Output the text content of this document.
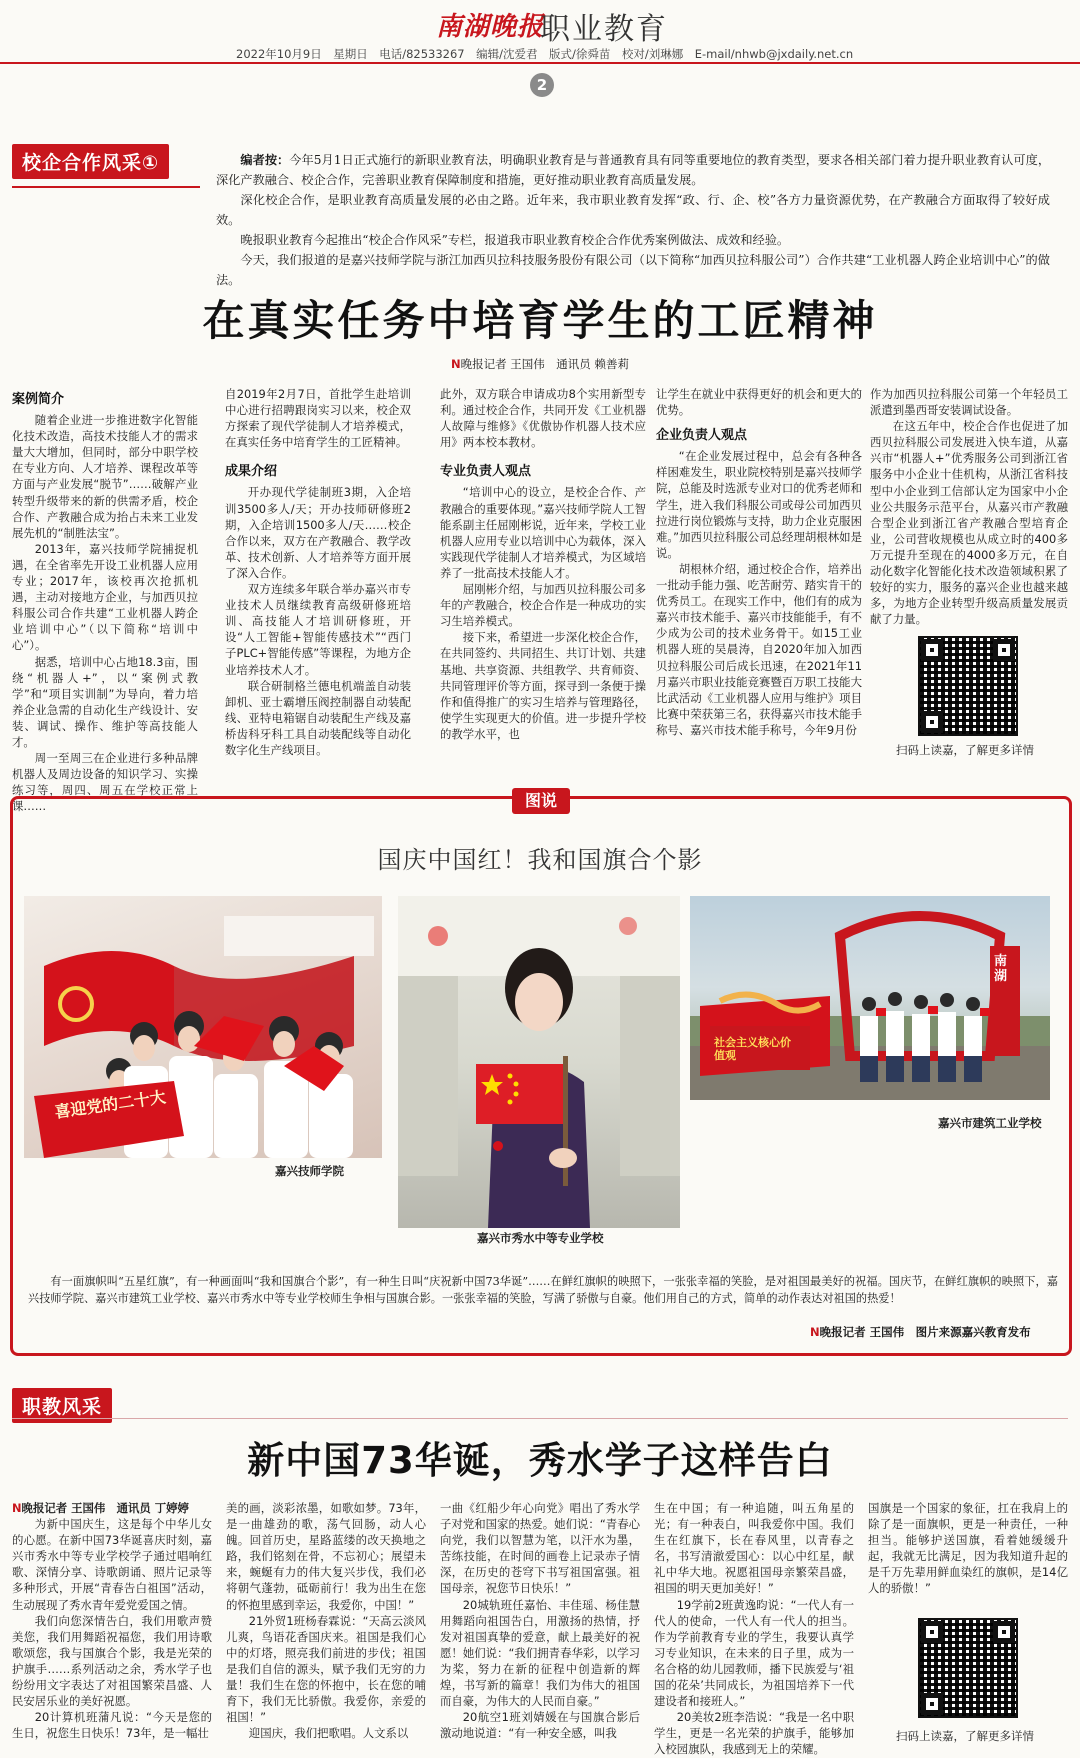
南湖晚报
职业教育
2022年10月9日　星期日　电话/82533267　编辑/沈爱君　版式/徐舜苗　校对/刘琳娜　E-mail/nhwb@jxdaily.net.cn
2
校企合作风采①	编者按：今年5月1日正式施行的新职业教育法，明确职业教育是与普通教育具有同等重要地位的教育类型，要求各相关部门着力提升职业教育认可度，深化产教融合、校企合作，完善职业教育保障制度和措施，更好推动职业教育高质量发展。

深化校企合作，是职业教育高质量发展的必由之路。近年来，我市职业教育发挥“政、行、企、校”各方力量资源优势，在产教融合方面取得了较好成效。

晚报职业教育今起推出“校企合作风采”专栏，报道我市职业教育校企合作优秀案例做法、成效和经验。

今天，我们报道的是嘉兴技师学院与浙江加西贝拉科技服务股份有限公司（以下简称“加西贝拉科服公司”）合作共建“工业机器人跨企业培训中心”的做法。

在真实任务中培育学生的工匠精神
N晚报记者 王国伟　通讯员 赖善莉
案例简介

随着企业进一步推进数字化智能化技术改造，高技术技能人才的需求量大大增加，但同时，部分中职学校在专业方向、人才培养、课程改革等方面与产业发展“脱节”……破解产业转型升级带来的新的供需矛盾，校企合作、产教融合成为抬占未来工业发展先机的“制胜法宝”。

2013年，嘉兴技师学院捕捉机遇，在全省率先开设工业机器人应用专业；2017年，该校再次抢抓机遇，主动对接地方企业，与加西贝拉科服公司合作共建“工业机器人跨企业培训中心”（以下简称“培训中心”）。

据悉，培训中心占地18.3亩，围绕“机器人+”，以“案例式教学”和“项目实训制”为导向，着力培养企业急需的自动化生产线设计、安装、调试、操作、维护等高技能人才。

周一至周三在企业进行多种品牌机器人及周边设备的知识学习、实操练习等，周四、周五在学校正常上课……

自2019年2月7日，首批学生赴培训中心进行招聘跟岗实习以来，校企双方探索了现代学徒制人才培养模式，在真实任务中培育学生的工匠精神。

成果介绍

开办现代学徒制班3期，入企培训3500多人/天；开办技师研修班2期，入企培训1500多人/天……校企合作以来，双方在产教融合、教学改革、技术创新、人才培养等方面开展了深入合作。

双方连续多年联合举办嘉兴市专业技术人员继续教育高级研修班培训、高技能人才培训研修班，开设“人工智能+智能传感技术”“西门子PLC+智能传感”等课程，为地方企业培养技术人才。

联合研制格兰德电机端盖自动装卸机、亚士霸增压阀控制器自动装配线、亚特电箱锯自动装配生产线及嘉桥齿科牙科工具自动装配线等自动化数字化生产线项目。

此外，双方联合申请成功8个实用新型专利。通过校企合作，共同开发《工业机器人故障与维修》《优傲协作机器人技术应用》两本校本教材。

专业负责人观点

“培训中心的设立，是校企合作、产教融合的重要体现。”嘉兴技师学院人工智能系副主任屈刚彬说，近年来，学校工业机器人应用专业以培训中心为载体，深入实践现代学徒制人才培养模式，为区域培养了一批高技术技能人才。

屈刚彬介绍，与加西贝拉科服公司多年的产教融合，校企合作是一种成功的实习生培养模式。

接下来，希望进一步深化校企合作，在共同签约、共同招生、共订计划、共建基地、共享资源、共组教学、共育师资、共同管理评价等方面，探寻到一条便于操作和值得推广的实习生培养与管理路径，使学生实现更大的价值。进一步提升学校的教学水平，也

让学生在就业中获得更好的机会和更大的优势。

企业负责人观点

“在企业发展过程中，总会有各种各样困难发生，职业院校特别是嘉兴技师学院，总能及时选派专业对口的优秀老师和学生，进入我们科服公司或母公司加西贝拉进行岗位锻炼与支持，助力企业克服困难。”加西贝拉科服公司总经理胡根林如是说。

胡根林介绍，通过校企合作，培养出一批动手能力强、吃苦耐劳、踏实肯干的优秀员工。在现实工作中，他们有的成为嘉兴市技术能手、嘉兴市技能能手，有不少成为公司的技术业务骨干。如15工业机器人班的吴晨涛，自2020年加入加西贝拉科服公司后成长迅速，在2021年11月嘉兴市职业技能竞赛暨百万职工技能大比武活动《工业机器人应用与维护》项目比赛中荣获第三名，获得嘉兴市技术能手称号、嘉兴市技术能手称号，今年9月份

作为加西贝拉科服公司第一个年轻员工派遣到墨西哥安装调试设备。

在这五年中，校企合作也促进了加西贝拉科服公司发展进入快车道，从嘉兴市“机器人+”优秀服务公司到浙江省服务中小企业十佳机构，从浙江省科技型中小企业到工信部认定为国家中小企业公共服务示范平台，从嘉兴市产教融合型企业到浙江省产教融合型培育企业，公司营收规模也从成立时的400多万元提升至现在的4000多万元，在自动化数字化智能化技术改造领域积累了较好的实力，服务的嘉兴企业也越来越多，为地方企业转型升级高质量发展贡献了力量。

扫码上读嘉，了解更多详情
图说
国庆中国红！我和国旗合个影
喜迎党的二十大
嘉兴技师学院
嘉兴市秀水中等专业学校
社会主义核心价值观
南湖
嘉兴市建筑工业学校

有一面旗帜叫“五星红旗”，有一种画面叫“我和国旗合个影”，有一种生日叫“庆祝新中国73华诞”……在鲜红旗帜的映照下，一张张幸福的笑脸，是对祖国最美好的祝福。国庆节，在鲜红旗帜的映照下，嘉兴技师学院、嘉兴市建筑工业学校、嘉兴市秀水中等专业学校师生争相与国旗合影。一张张幸福的笑脸，写满了骄傲与自豪。他们用自己的方式，简单的动作表达对祖国的热爱！

N晚报记者 王国伟　图片来源嘉兴教育发布
职教风采
新中国73华诞，秀水学子这样告白

N晚报记者 王国伟　通讯员 丁婷婷

为新中国庆生，这是每个中华儿女的心愿。在新中国73华诞喜庆时刻，嘉兴市秀水中等专业学校学子通过唱响红歌、深情分享、诗歌朗诵、照片记录等多种形式，开展“青春告白祖国”活动，生动展现了秀水青年爱党爱国之情。

我们向您深情告白，我们用歌声赞美您，我们用舞蹈祝福您，我们用诗歌歌颂您，我与国旗合个影，我是光荣的护旗手……系列活动之余，秀水学子也纷纷用文字表达了对祖国繁荣昌盛、人民安居乐业的美好祝愿。

20计算机班蒲凡说：“今天是您的生日，祝您生日快乐！73年，是一幅壮

美的画，淡彩浓墨，如歌如梦。73年，是一曲雄劲的歌，荡气回肠，动人心魄。回首历史，星路蓝缕的改天换地之路，我们铭刻在骨，不忘初心；展望未来，蜿蜒有力的伟大复兴步伐，我们必将朝气蓬勃，砥砺前行！我为出生在您的怀抱里感到幸运，我爱你，中国！”

21外贸1班杨春霖说：“天高云淡风儿爽，鸟语花香国庆来。祖国是我们心中的灯塔，照亮我们前进的步伐；祖国是我们自信的源头，赋予我们无穷的力量！我们生在您的怀抱中，长在您的哺育下，我们无比骄傲。我爱你，亲爱的祖国！”

迎国庆，我们把歌唱。人文系以

一曲《红船少年心向党》唱出了秀水学子对党和国家的热爱。她们说：“青春心向党，我们以智慧为笔，以汗水为墨，苦练技能，在时间的画卷上记录赤子情深，在历史的苍穹下书写祖国富强。祖国母亲，祝您节日快乐！”

20城轨班任嘉怡、丰佳瑶、杨佳慧用舞蹈向祖国告白，用激扬的热情，抒发对祖国真挚的爱意，献上最美好的祝愿！她们说：“我们拥青春华彩，以学习为桨，努力在新的征程中创造新的辉煌，书写新的篇章！我们为伟大的祖国而自豪，为伟大的人民而自豪。”

20航空1班刘婧媛在与国旗合影后激动地说道：“有一种安全感，叫我

生在中国；有一种追随，叫五角星的光；有一种表白，叫我爱你中国。我们生在红旗下，长在春风里，以青春之名，书写清澈爱国心：以心中红星，献礼中华大地。祝愿祖国母亲繁荣昌盛，祖国的明天更加美好！”

19学前2班黄逸昀说：“一代人有一代人的使命，一代人有一代人的担当。作为学前教育专业的学生，我要认真学习专业知识，在未来的日子里，成为一名合格的幼儿园教师，播下民族爱与‘祖国的花朵’共同成长，为祖国培养下一代建设者和接班人。”

20美妆2班李浩说：“我是一名中职学生，更是一名光荣的护旗手，能够加入校园旗队，我感到无上的荣耀。

国旗是一个国家的象征，扛在我肩上的除了是一面旗帜，更是一种责任，一种担当。能够护送国旗，看着她缓缓升起，我就无比满足，因为我知道升起的是千万先辈用鲜血染红的旗帜，是14亿人的骄傲！”

扫码上读嘉，了解更多详情
